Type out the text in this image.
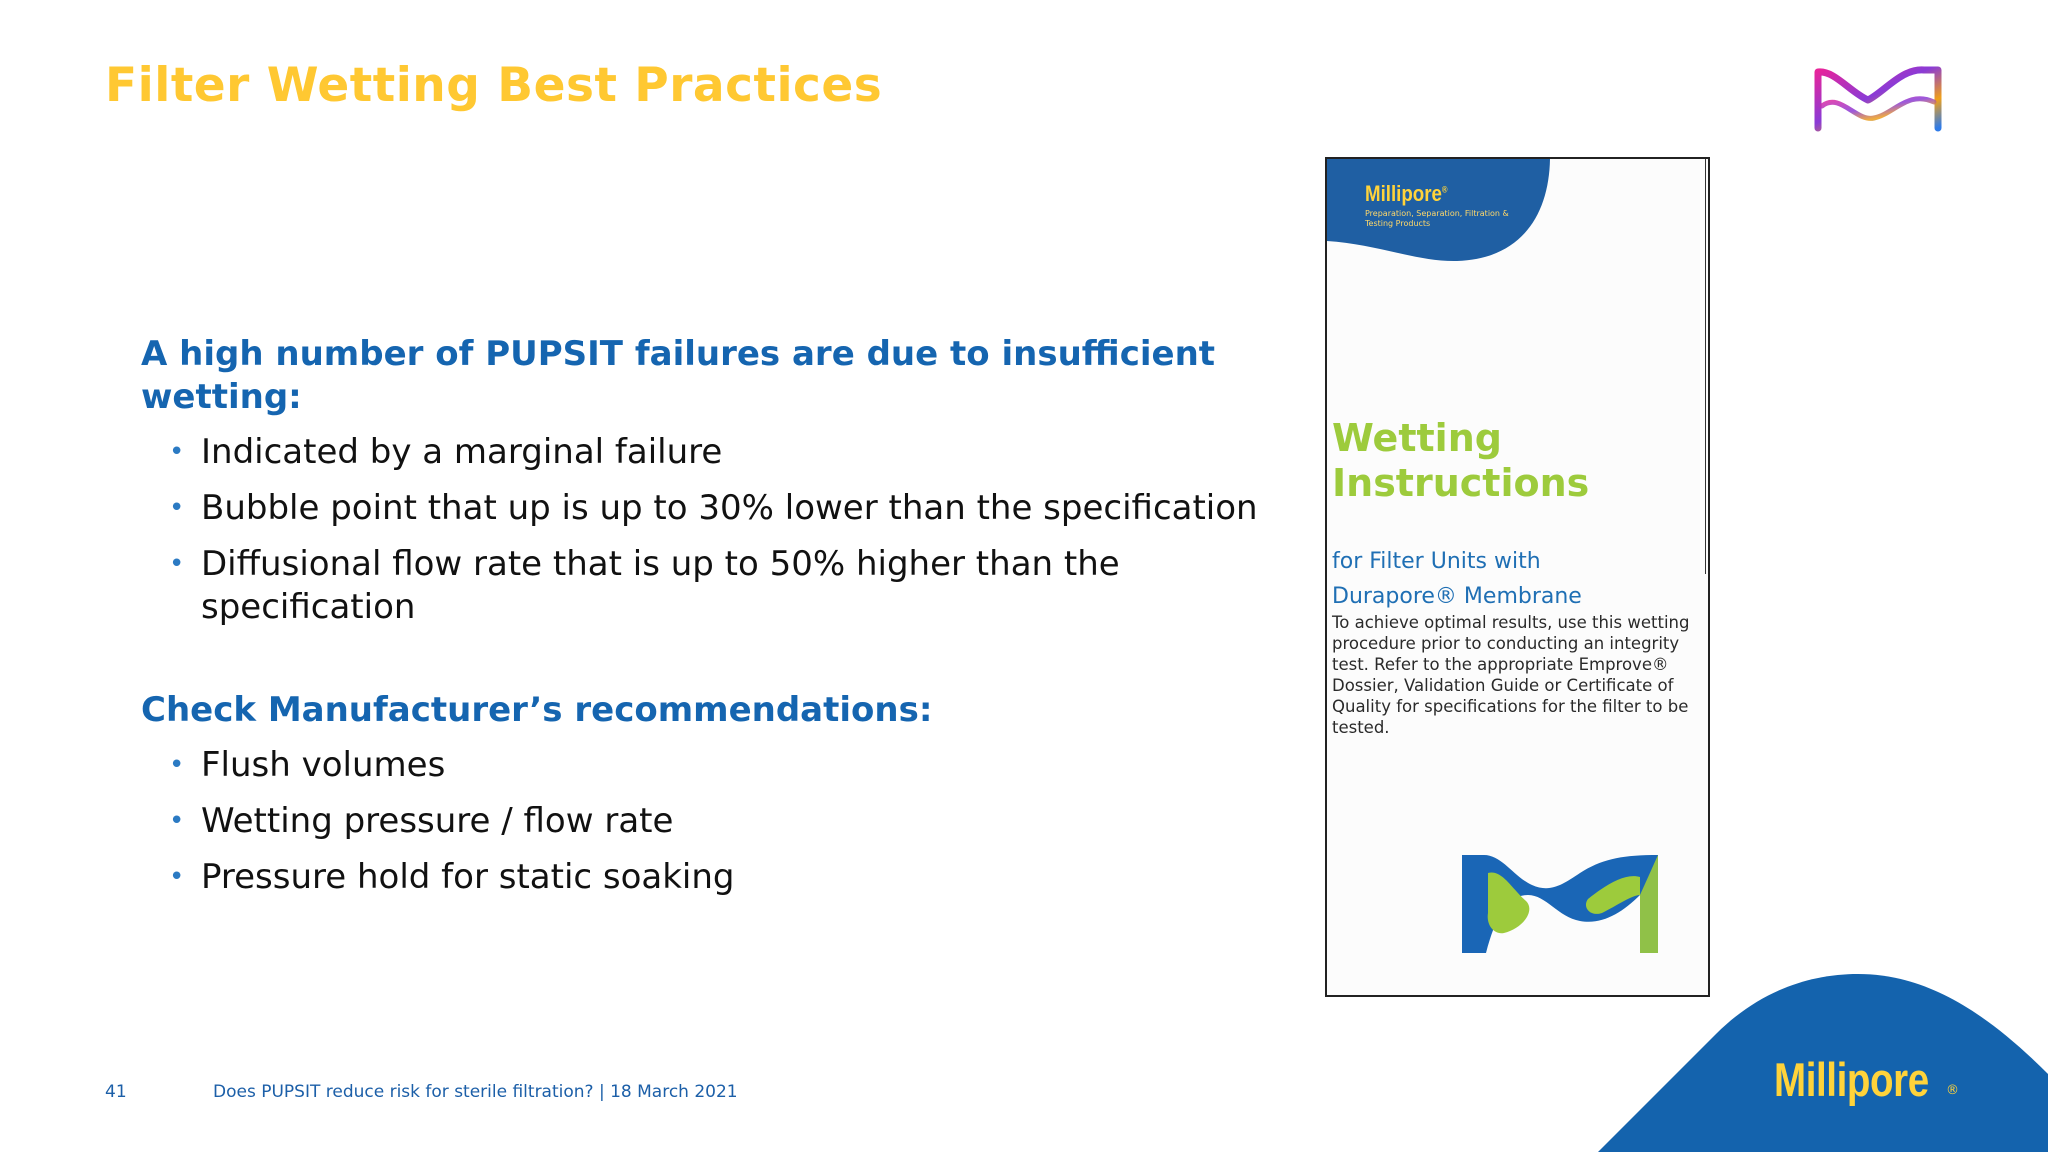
Filter Wetting Best Practices
A high number of PUPSIT failures are due to insufficient wetting:
• Indicated by a marginal failure
• Bubble point that up is up to 30% lower than the specification
• Diffusional flow rate that is up to 50% higher than the specification
Check Manufacturer’s recommendations:
• Flush volumes
• Wetting pressure / flow rate
• Pressure hold for static soaking
Millipore®
Preparation, Separation, Filtration & Testing Products
Wetting
Instructions
for Filter Units with
Durapore® Membrane
To achieve optimal results, use this wetting procedure prior to conducting an integrity test. Refer to the appropriate Emprove® Dossier, Validation Guide or Certificate of Quality for specifications for the filter to be tested.
Millipore ®
41	Does PUPSIT reduce risk for sterile filtration? | 18 March 2021
